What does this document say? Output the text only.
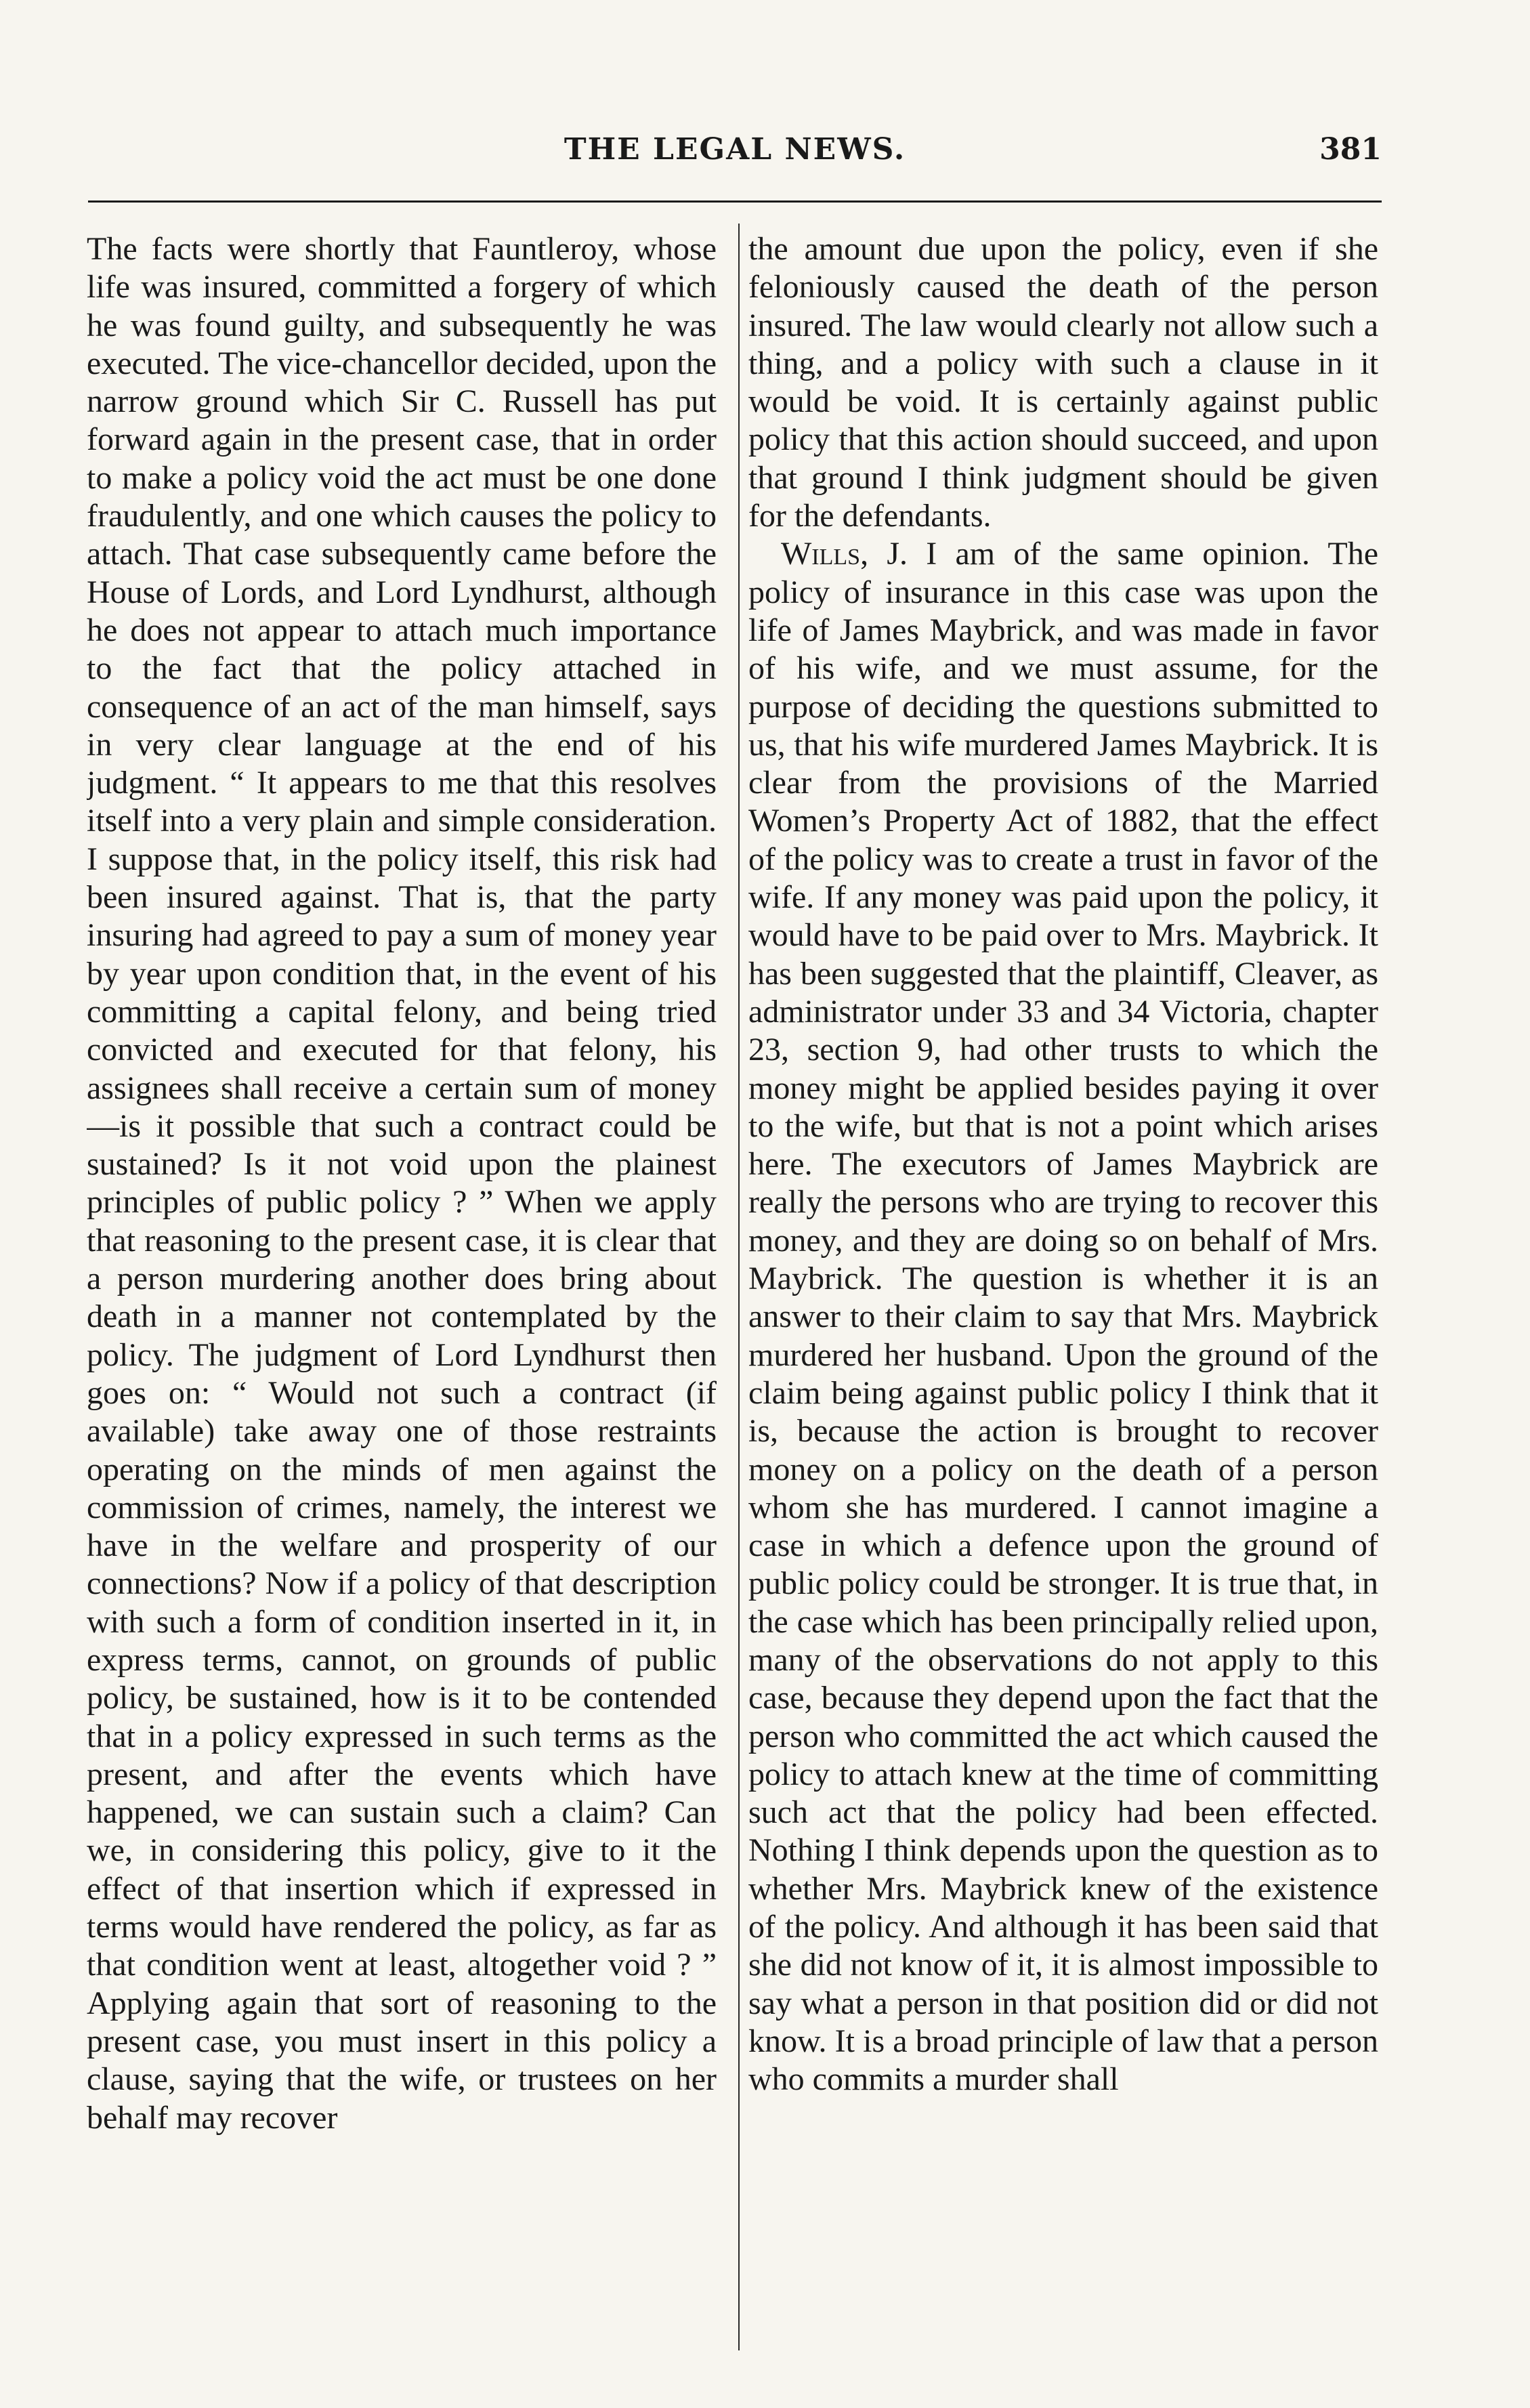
THE LEGAL NEWS.	381

The facts were shortly that Fauntleroy, whose life was insured, committed a forgery of which he was found guilty, and subsequently he was executed. The vice-chancellor decided, upon the narrow ground which Sir C. Russell has put forward again in the present case, that in order to make a policy void the act must be one done fraudulently, and one which causes the policy to attach. That case subsequently came before the House of Lords, and Lord Lyndhurst, although he does not appear to attach much importance to the fact that the policy attached in consequence of an act of the man himself, says in very clear language at the end of his judgment. “ It appears to me that this resolves itself into a very plain and simple consideration. I suppose that, in the policy itself, this risk had been insured against. That is, that the party insuring had agreed to pay a sum of money year by year upon condition that, in the event of his committing a capital felony, and being tried convicted and executed for that felony, his assignees shall receive a certain sum of money—is it possible that such a contract could be sustained? Is it not void upon the plainest principles of public policy ? ” When we apply that reasoning to the present case, it is clear that a person murdering another does bring about death in a manner not contemplated by the policy. The judgment of Lord Lyndhurst then goes on: “ Would not such a contract (if available) take away one of those restraints operating on the minds of men against the commission of crimes, namely, the interest we have in the welfare and prosperity of our connections? Now if a policy of that description with such a form of condition inserted in it, in express terms, cannot, on grounds of public policy, be sustained, how is it to be contended that in a policy expressed in such terms as the present, and after the events which have happened, we can sustain such a claim? Can we, in considering this policy, give to it the effect of that insertion which if expressed in terms would have rendered the policy, as far as that condition went at least, altogether void ? ” Applying again that sort of reasoning to the present case, you must insert in this policy a clause, saying that the wife, or trustees on her behalf may recover

the amount due upon the policy, even if she feloniously caused the death of the person insured. The law would clearly not allow such a thing, and a policy with such a clause in it would be void. It is certainly against public policy that this action should succeed, and upon that ground I think judgment should be given for the defendants.

Wills, J. I am of the same opinion. The policy of insurance in this case was upon the life of James Maybrick, and was made in favor of his wife, and we must assume, for the purpose of deciding the questions submitted to us, that his wife murdered James Maybrick. It is clear from the provisions of the Married Women’s Property Act of 1882, that the effect of the policy was to create a trust in favor of the wife. If any money was paid upon the policy, it would have to be paid over to Mrs. Maybrick. It has been suggested that the plaintiff, Cleaver, as administrator under 33 and 34 Victoria, chapter 23, section 9, had other trusts to which the money might be applied besides paying it over to the wife, but that is not a point which arises here. The executors of James Maybrick are really the persons who are trying to recover this money, and they are doing so on behalf of Mrs. Maybrick. The question is whether it is an answer to their claim to say that Mrs. Maybrick murdered her husband. Upon the ground of the claim being against public policy I think that it is, because the action is brought to recover money on a policy on the death of a person whom she has murdered. I cannot imagine a case in which a defence upon the ground of public policy could be stronger. It is true that, in the case which has been principally relied upon, many of the observations do not apply to this case, because they depend upon the fact that the person who committed the act which caused the policy to attach knew at the time of committing such act that the policy had been effected. Nothing I think depends upon the question as to whether Mrs. Maybrick knew of the existence of the policy. And although it has been said that she did not know of it, it is almost impossible to say what a person in that position did or did not know. It is a broad principle of law that a person who commits a murder shall
